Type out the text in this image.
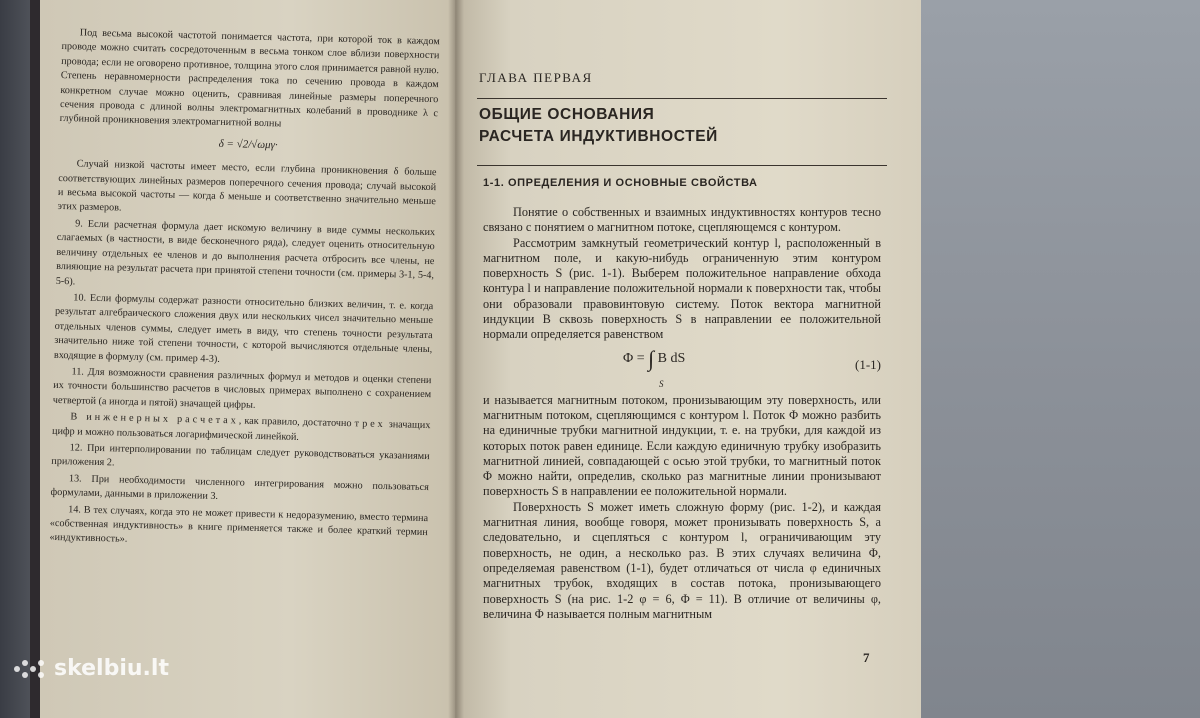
Под весьма высокой частотой понимается частота, при которой ток в каждом проводе можно считать сосредоточенным в весьма тонком слое вблизи поверхности провода; если не оговорено противное, толщина этого слоя принимается равной нулю. Степень неравномерности распределения тока по сечению провода в каждом конкретном случае можно оценить, сравнивая линейные размеры поперечного сечения провода с длиной волны электромагнитных колебаний в проводнике λ с глубиной проникновения электромагнитной волны

δ = √2/√ωμγ·

Случай низкой частоты имеет место, если глубина проникновения δ больше соответствующих линейных размеров поперечного сечения провода; случай высокой и весьма высокой частоты — когда δ меньше и соответственно значительно меньше этих размеров.

9. Если расчетная формула дает искомую величину в виде суммы нескольких слагаемых (в частности, в виде бесконечного ряда), следует оценить относительную величину отдельных ее членов и до выполнения расчета отбросить все члены, не влияющие на результат расчета при принятой степени точности (см. примеры 3-1, 5-4, 5-6).

10. Если формулы содержат разности относительно близких величин, т. е. когда результат алгебраического сложения двух или нескольких чисел значительно меньше отдельных членов суммы, следует иметь в виду, что степень точности результата значительно ниже той степени точности, с которой вычисляются отдельные члены, входящие в формулу (см. пример 4-3).

11. Для возможности сравнения различных формул и методов и оценки степени их точности большинство расчетов в числовых примерах выполнено с сохранением четвертой (а иногда и пятой) значащей цифры.

В инженерных расчетах, как правило, достаточно трех значащих цифр и можно пользоваться логарифмической линейкой.

12. При интерполировании по таблицам следует руководствоваться указаниями приложения 2.

13. При необходимости численного интегрирования можно пользоваться формулами, данными в приложении 3.

14. В тех случаях, когда это не может привести к недоразумению, вместо термина «собственная индуктивность» в книге применяется также и более краткий термин «индуктивность».

ГЛАВА ПЕРВАЯ
ОБЩИЕ ОСНОВАНИЯ
РАСЧЕТА ИНДУКТИВНОСТЕЙ
1-1. ОПРЕДЕЛЕНИЯ И ОСНОВНЫЕ СВОЙСТВА

Понятие о собственных и взаимных индуктивностях контуров тесно связано с понятием о магнитном потоке, сцепляющемся с контуром.

Рассмотрим замкнутый геометрический контур l, расположенный в магнитном поле, и какую-нибудь ограниченную этим контуром поверхность S (рис. 1-1). Выберем положительное направление обхода контура l и направление положительной нормали к поверхности так, чтобы они образовали правовинтовую систему. Поток вектора магнитной индукции B сквозь поверхность S в направлении ее положительной нормали определяется равенством

Φ = ∫ B dS
S
(1-1)

и называется магнитным потоком, пронизывающим эту поверхность, или магнитным потоком, сцепляющимся с контуром l. Поток Φ можно разбить на единичные трубки магнитной индукции, т. е. на трубки, для каждой из которых поток равен единице. Если каждую единичную трубку изобразить магнитной линией, совпадающей с осью этой трубки, то магнитный поток Φ можно найти, определив, сколько раз магнитные линии пронизывают поверхность S в направлении ее положительной нормали.

Поверхность S может иметь сложную форму (рис. 1-2), и каждая магнитная линия, вообще говоря, может пронизывать поверхность S, а следовательно, и сцепляться с контуром l, ограничивающим эту поверхность, не один, а несколько раз. В этих случаях величина Φ, определяемая равенством (1-1), будет отличаться от числа φ единичных магнитных трубок, входящих в состав потока, пронизывающего поверхность S (на рис. 1-2 φ = 6, Φ = 11). В отличие от величины φ, величина Φ называется полным магнитным

7
skelbiu.lt
